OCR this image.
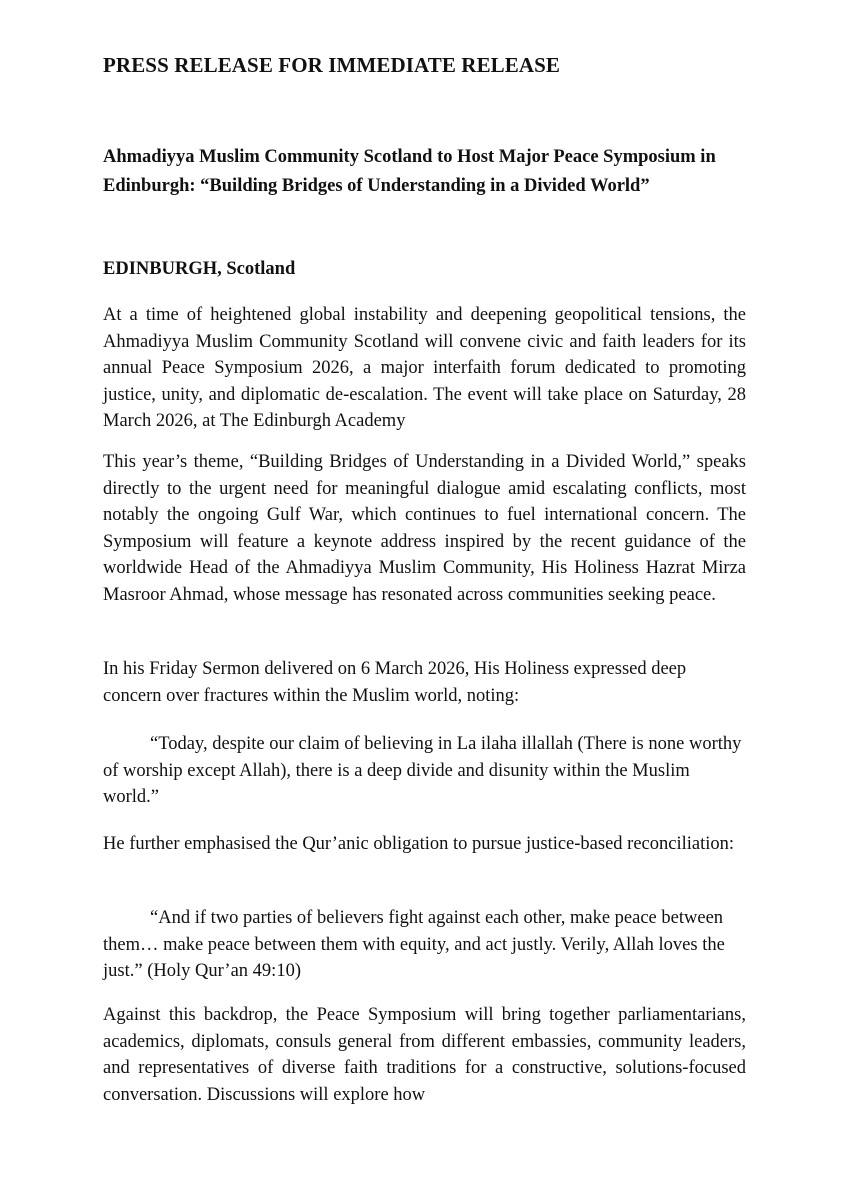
PRESS RELEASE FOR IMMEDIATE RELEASE
Ahmadiyya Muslim Community Scotland to Host Major Peace Symposium in Edinburgh: “Building Bridges of Understanding in a Divided World”
EDINBURGH, Scotland

At a time of heightened global instability and deepening geopolitical tensions, the Ahmadiyya Muslim Community Scotland will convene civic and faith leaders for its annual Peace Symposium 2026, a major interfaith forum dedicated to promoting justice, unity, and diplomatic de-escalation. The event will take place on Saturday, 28 March 2026, at The Edinburgh Academy

This year’s theme, “Building Bridges of Understanding in a Divided World,” speaks directly to the urgent need for meaningful dialogue amid escalating conflicts, most notably the ongoing Gulf War, which continues to fuel international concern. The Symposium will feature a keynote address inspired by the recent guidance of the worldwide Head of the Ahmadiyya Muslim Community, His Holiness Hazrat Mirza Masroor Ahmad, whose message has resonated across communities seeking peace.

In his Friday Sermon delivered on 6 March 2026, His Holiness expressed deep concern over fractures within the Muslim world, noting:

“Today, despite our claim of believing in La ilaha illallah (There is none worthy of worship except Allah), there is a deep divide and disunity within the Muslim world.”

He further emphasised the Qur’anic obligation to pursue justice-based reconciliation:

“And if two parties of believers fight against each other, make peace between them… make peace between them with equity, and act justly. Verily, Allah loves the just.” (Holy Qur’an 49:10)

Against this backdrop, the Peace Symposium will bring together parliamentarians, academics, diplomats, consuls general from different embassies, community leaders, and representatives of diverse faith traditions for a constructive, solutions-focused conversation. Discussions will explore how
